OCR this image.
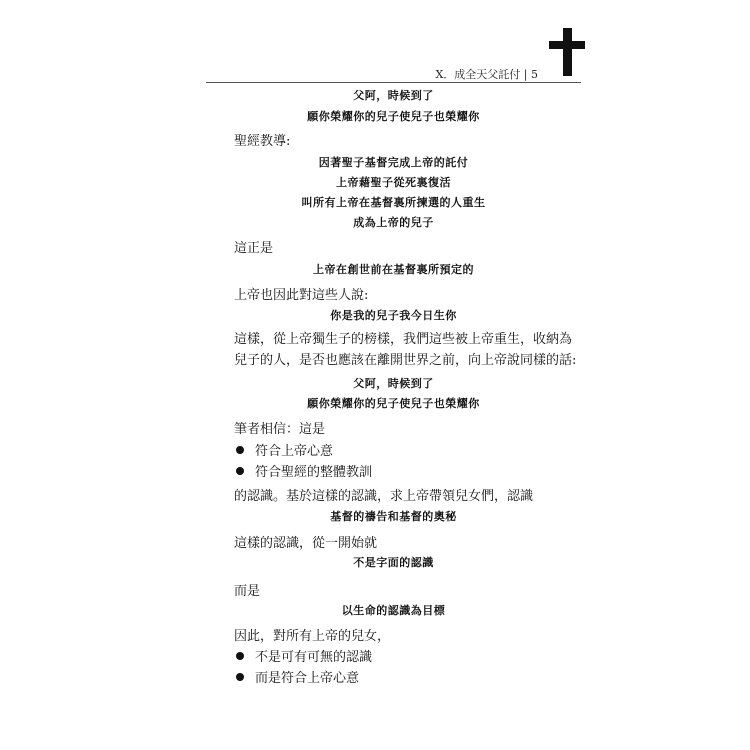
X．成全天父託付 | 5
父阿，時候到了
願你榮耀你的兒子使兒子也榮耀你
聖經教導:
因著聖子基督完成上帝的託付
上帝藉聖子從死裏復活
叫所有上帝在基督裏所揀選的人重生
成為上帝的兒子
這正是
上帝在創世前在基督裏所預定的
上帝也因此對這些人說:
你是我的兒子我今日生你
這樣，從上帝獨生子的榜樣，我們這些被上帝重生，收納為
兒子的人，是否也應該在離開世界之前，向上帝說同樣的話:
父阿，時候到了
願你榮耀你的兒子使兒子也榮耀你
筆者相信：這是
符合上帝心意
符合聖經的整體教訓
的認識。基於這樣的認識，求上帝帶領兒女們，認識
基督的禱告和基督的奧秘
這樣的認識，從一開始就
不是字面的認識
而是
以生命的認識為目標
因此，對所有上帝的兒女，
不是可有可無的認識
而是符合上帝心意
